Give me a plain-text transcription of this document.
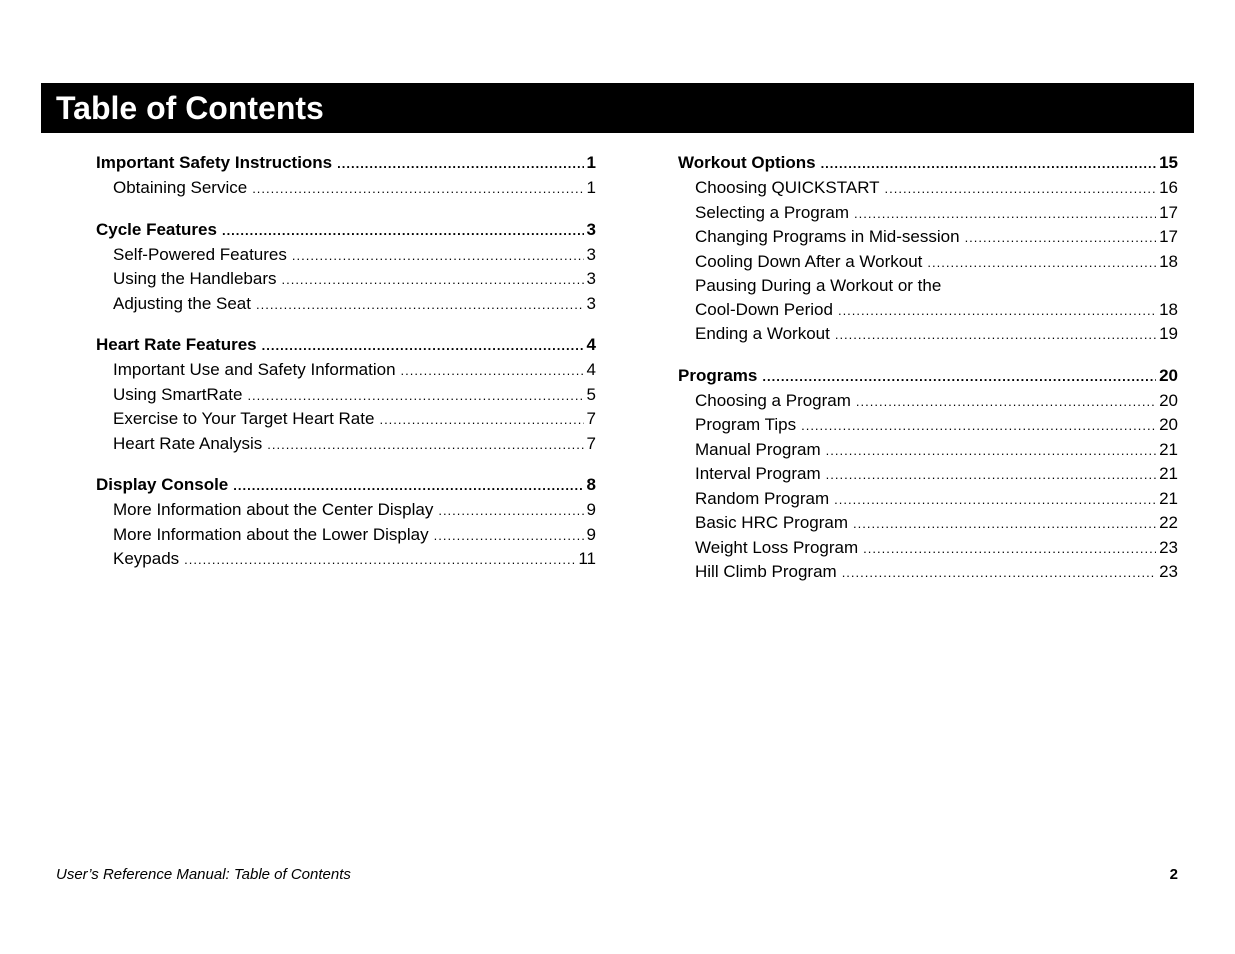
Table of Contents
Important Safety Instructions .....	1
Obtaining Service .....	1
Cycle Features .....	3
Self-Powered Features .....	3
Using the Handlebars .....	3
Adjusting the Seat .....	3
Heart Rate Features .....	4
Important Use and Safety Information .....	4
Using SmartRate .....	5
Exercise to Your Target Heart Rate .....	7
Heart Rate Analysis .....	7
Display Console .....	8
More Information about the Center Display .....	9
More Information about the Lower Display .....	9
Keypads .....	11
Workout Options .....	15
Choosing QUICKSTART .....	16
Selecting a Program .....	17
Changing Programs in Mid-session .....	17
Cooling Down After a Workout .....	18
Pausing During a Workout or the
Cool-Down Period .....	18
Ending a Workout .....	19
Programs .....	20
Choosing a Program .....	20
Program Tips .....	20
Manual Program .....	21
Interval Program .....	21
Random Program .....	21
Basic HRC Program .....	22
Weight Loss Program .....	23
Hill Climb Program .....	23
User’s Reference Manual: Table of Contents	2
